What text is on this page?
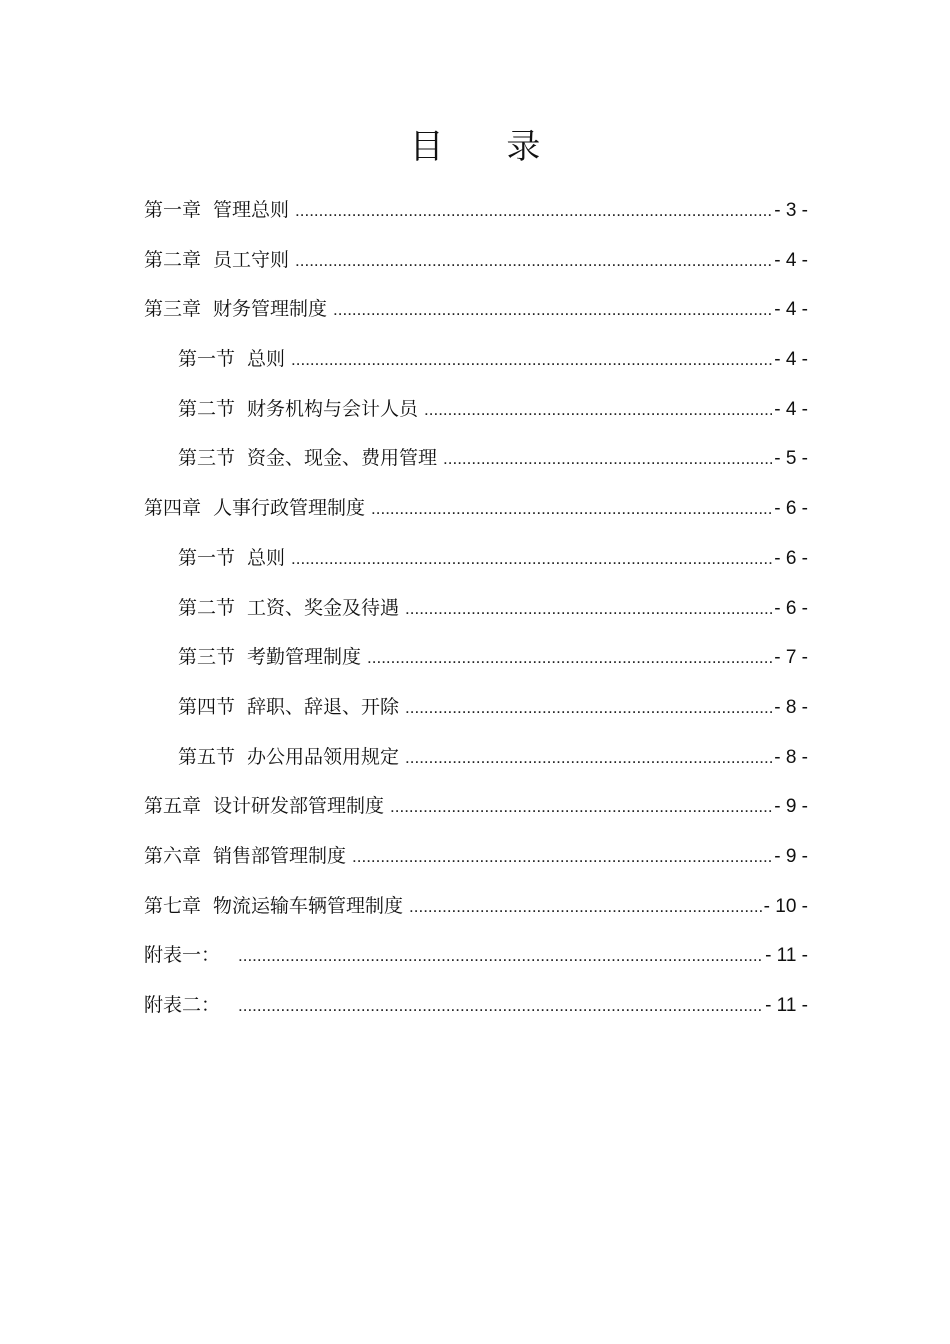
目 录
第一章 管理总则 .....	- 3 -
第二章 员工守则 .....	- 4 -
第三章 财务管理制度 .....	- 4 -
第一节 总则 .....	- 4 -
第二节 财务机构与会计人员 .....	- 4 -
第三节 资金、现金、费用管理 .....	- 5 -
第四章 人事行政管理制度 .....	- 6 -
第一节 总则 .....	- 6 -
第二节 工资、奖金及待遇 .....	- 6 -
第三节 考勤管理制度 .....	- 7 -
第四节 辞职、辞退、开除 .....	- 8 -
第五节 办公用品领用规定 .....	- 8 -
第五章 设计研发部管理制度 .....	- 9 -
第六章 销售部管理制度 .....	- 9 -
第七章 物流运输车辆管理制度 .....	- 10 -
附表一： .....	- 11 -
附表二： .....	- 11 -
